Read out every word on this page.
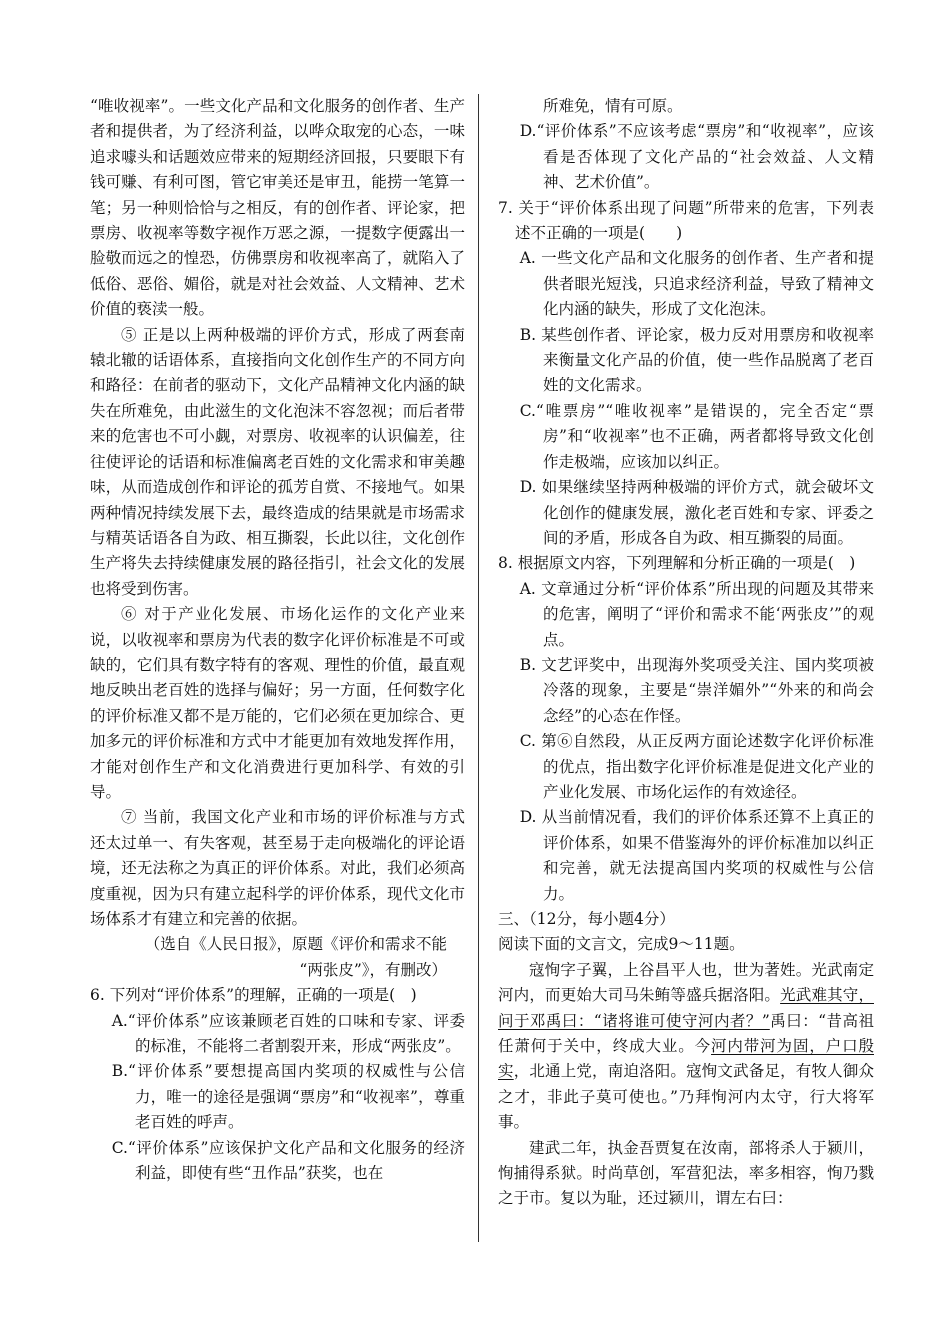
“唯收视率”。一些文化产品和文化服务的创作者、生产者和提供者，为了经济利益，以哗众取宠的心态，一味追求噱头和话题效应带来的短期经济回报，只要眼下有钱可赚、有利可图，管它审美还是审丑，能捞一笔算一笔；另一种则恰恰与之相反，有的创作者、评论家，把票房、收视率等数字视作万恶之源，一提数字便露出一脸敬而远之的惶恐，仿佛票房和收视率高了，就陷入了低俗、恶俗、媚俗，就是对社会效益、人文精神、艺术价值的亵渎一般。

⑤ 正是以上两种极端的评价方式，形成了两套南辕北辙的话语体系，直接指向文化创作生产的不同方向和路径：在前者的驱动下，文化产品精神文化内涵的缺失在所难免，由此滋生的文化泡沫不容忽视；而后者带来的危害也不可小觑，对票房、收视率的认识偏差，往往使评论的话语和标准偏离老百姓的文化需求和审美趣味，从而造成创作和评论的孤芳自赏、不接地气。如果两种情况持续发展下去，最终造成的结果就是市场需求与精英话语各自为政、相互撕裂，长此以往，文化创作生产将失去持续健康发展的路径指引，社会文化的发展也将受到伤害。

⑥ 对于产业化发展、市场化运作的文化产业来说，以收视率和票房为代表的数字化评价标准是不可或缺的，它们具有数字特有的客观、理性的价值，最直观地反映出老百姓的选择与偏好；另一方面，任何数字化的评价标准又都不是万能的，它们必须在更加综合、更加多元的评价标准和方式中才能更加有效地发挥作用，才能对创作生产和文化消费进行更加科学、有效的引导。

⑦ 当前，我国文化产业和市场的评价标准与方式还太过单一、有失客观，甚至易于走向极端化的评论语境，还无法称之为真正的评价体系。对此，我们必须高度重视，因为只有建立起科学的评价体系，现代文化市场体系才有建立和完善的依据。

（选自《人民日报》，原题《评价和需求不能

“两张皮”》，有删改）

6. 下列对“评价体系”的理解，正确的一项是(　)

A.“评价体系”应该兼顾老百姓的口味和专家、评委的标准，不能将二者割裂开来，形成“两张皮”。

B.“评价体系”要想提高国内奖项的权威性与公信力，唯一的途径是强调“票房”和“收视率”，尊重老百姓的呼声。

C.“评价体系”应该保护文化产品和文化服务的经济利益，即使有些“丑作品”获奖，也在

所难免，情有可原。

D.“评价体系”不应该考虑“票房”和“收视率”，应该看是否体现了文化产品的“社会效益、人文精神、艺术价值”。

7. 关于“评价体系出现了问题”所带来的危害，下列表述不正确的一项是(　　)

A. 一些文化产品和文化服务的创作者、生产者和提供者眼光短浅，只追求经济利益，导致了精神文化内涵的缺失，形成了文化泡沫。

B. 某些创作者、评论家，极力反对用票房和收视率来衡量文化产品的价值，使一些作品脱离了老百姓的文化需求。

C.“唯票房”“唯收视率”是错误的，完全否定“票房”和“收视率”也不正确，两者都将导致文化创作走极端，应该加以纠正。

D. 如果继续坚持两种极端的评价方式，就会破坏文化创作的健康发展，激化老百姓和专家、评委之间的矛盾，形成各自为政、相互撕裂的局面。

8. 根据原文内容，下列理解和分析正确的一项是(　)

A. 文章通过分析“评价体系”所出现的问题及其带来的危害，阐明了“评价和需求不能‘两张皮’”的观点。

B. 文艺评奖中，出现海外奖项受关注、国内奖项被冷落的现象，主要是“崇洋媚外”“外来的和尚会念经”的心态在作怪。

C. 第⑥自然段，从正反两方面论述数字化评价标准的优点，指出数字化评价标准是促进文化产业的产业化发展、市场化运作的有效途径。

D. 从当前情况看，我们的评价体系还算不上真正的评价体系，如果不借鉴海外的评价标准加以纠正和完善，就无法提高国内奖项的权威性与公信力。

三、（12分，每小题4分）

阅读下面的文言文，完成9～11题。

寇恂字子翼，上谷昌平人也，世为著姓。光武南定河内，而更始大司马朱鲔等盛兵据洛阳。光武难其守，问于邓禹曰：“诸将谁可使守河内者？”禹曰：“昔高祖任萧何于关中，终成大业。今河内带河为固，户口殷实，北通上党，南迫洛阳。寇恂文武备足，有牧人御众之才，非此子莫可使也。”乃拜恂河内太守，行大将军事。

建武二年，执金吾贾复在汝南，部将杀人于颍川，恂捕得系狱。时尚草创，军营犯法，率多相容，恂乃戮之于市。复以为耻，还过颍川，谓左右曰：
